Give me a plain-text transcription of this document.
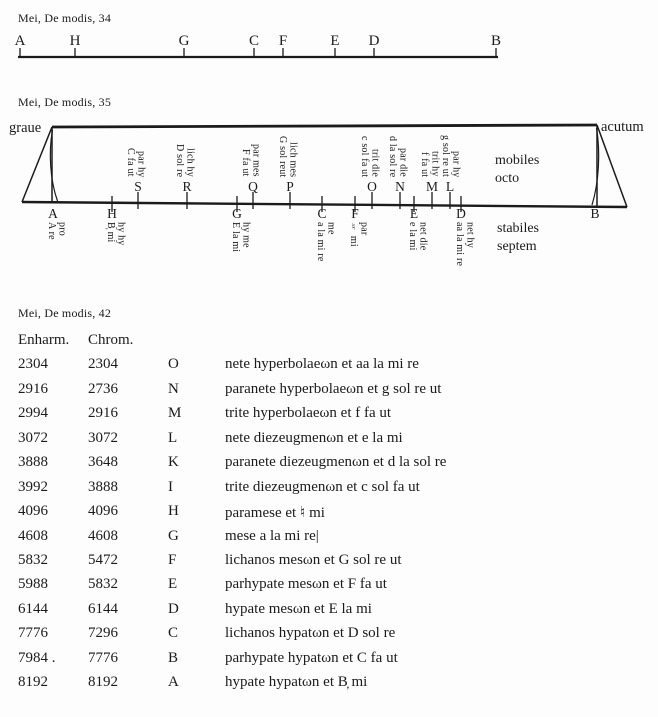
Mei, De modis, 34
A	H	G	C F	E D	B
Mei, De modis, 35
graue	acutum
par hy
C fa ut	lich hy
D sol re	par mes
F fa ut	lich mes
G sol reut	trit die
c sol fa ut	par die
d la sol re	trit hy
f fa ut par hy
g sol re ut
S	R	Q P	O N M L
A	H	G	C F	E	D	B
pro
A re	hy hy
B̦ mi	hy me
E la mi	me
a la mi re	par
♮ mi	net die
e la mi	net hy
aa la mi re
mobiles
octo
stabiles
septem
Mei, De modis, 42
Enharm.	Chrom.
2304	2304	O	nete hyperbolaeωn et aa la mi re
2916	2736	N	paranete hyperbolaeωn et g sol re ut
2994	2916	M	trite hyperbolaeωn et f fa ut
3072	3072	L	nete diezeugmenωn et e la mi
3888	3648	K	paranete diezeugmenωn et d la sol re
3992	3888	I	trite diezeugmenωn et c sol fa ut
4096	4096	H	paramese et ♮ mi
4608	4608	G	mese a la mi re|
5832	5472	F	lichanos mesωn et G sol re ut
5988	5832	E	parhypate mesωn et F fa ut
6144	6144	D	hypate mesωn et E la mi
7776	7296	C	lichanos hypatωn et D sol re
7984 .	7776	B	parhypate hypatωn et C fa ut
8192	8192	A	hypate hypatωn et B̦ mi
